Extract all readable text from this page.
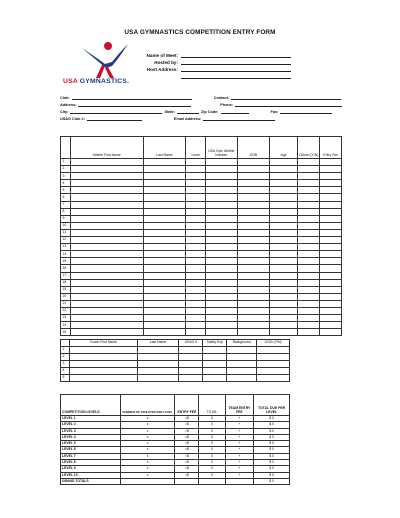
USA GYMNASTICS COMPETITION ENTRY FORM
USA GYMNASTICS.
Name of Meet:
Hosted by:
Host Address:
Club:	Contact:
Address:	Phone:
City:	State:	Zip Code:	Fax:
USAG Club #:	Email Address:
	Athlete First Name	Last Name	Level	USA Gym Athlete Number	DOB	Age	Citizen (Y/N)	Entry Fee
1								
2								
3								
4								
5								
6								
7								
8								
9								
10								
11								
12								
13								
14								
15								
16								
17								
18								
19								
20								
21								
22								
23								
24								
25								
	Coach First Name	Last Name	USAG #	Safety Exp	Background	U100 (Y/N)
1						
2						
3						
4						
5						
COMPETITION LEVELS	NUMBER OF ATHLETES PER LEVEL	ENTRY FEE	TOTAL	TEAM ENTRY FEE	TOTAL DUE PER LEVEL
LEVEL 1	x	=$	0	+	$ 0
LEVEL 2	x	=$	0	+	$ 0
LEVEL 3	x	=$	0	+	$ 0
LEVEL 4	x	=$	0	+	$ 0
LEVEL 5	x	=$	0	+	$ 0
LEVEL 6	x	=$	0	+	$ 0
LEVEL 7	x	=$	0	+	$ 0
LEVEL 8	x	=$	0	+	$ 0
LEVEL 9	x	=$	0	+	$ 0
LEVEL 10	x	=$	0	+	$ 0
GRAND TOTALS					$ 0
